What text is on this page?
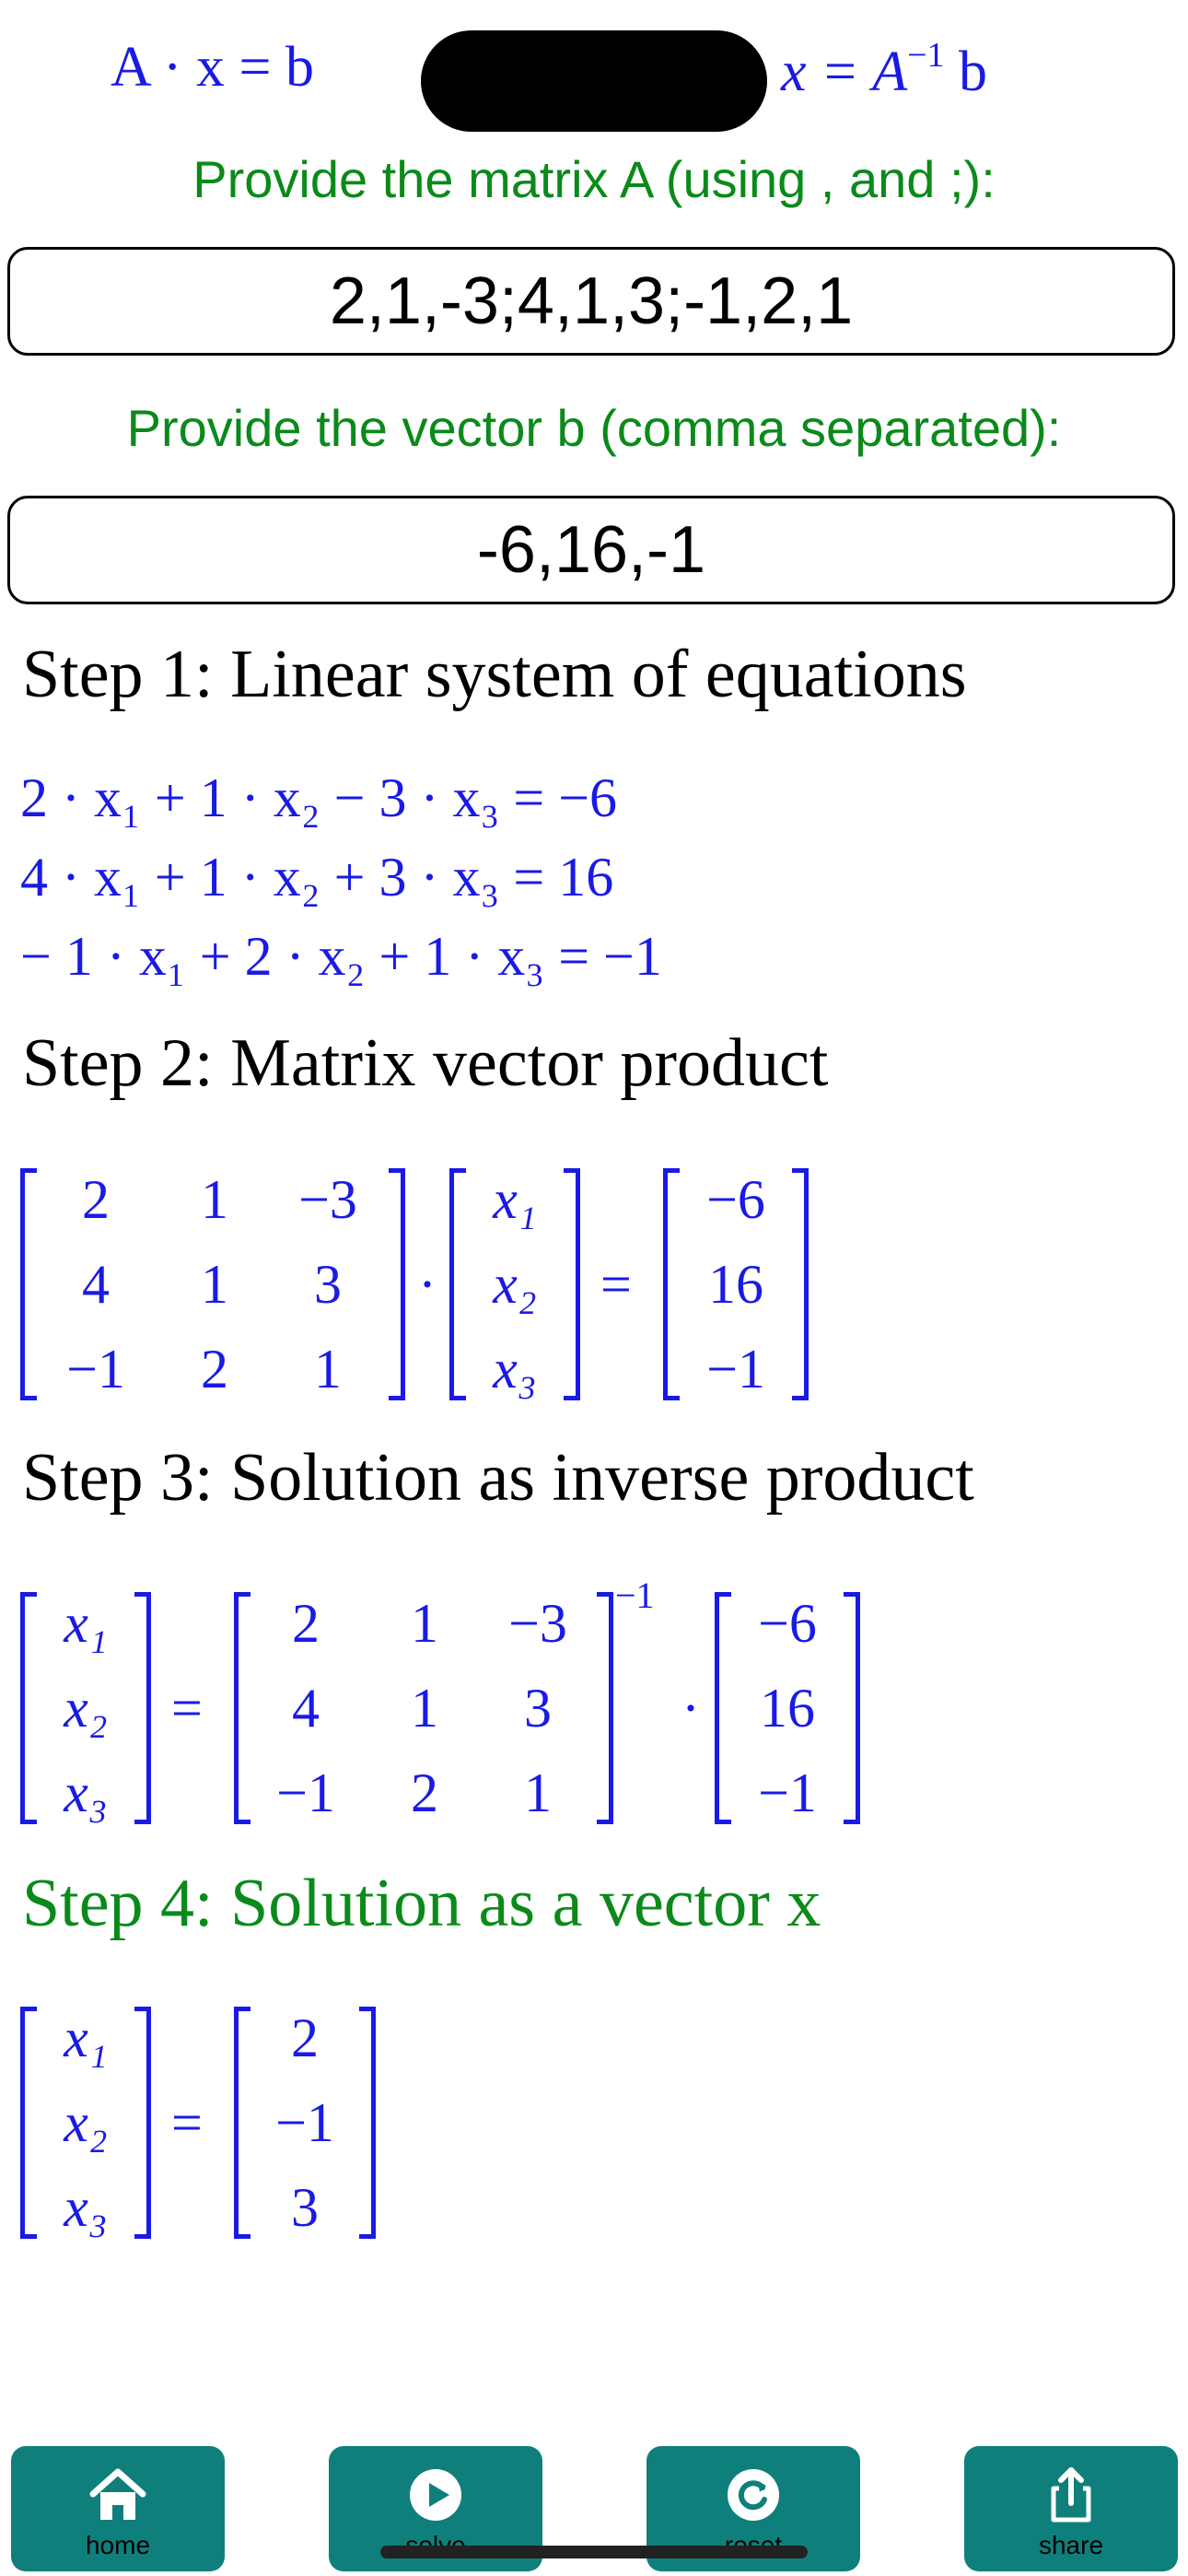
A · x = b	$x = A^{-1}$ b
Provide the matrix A (using , and ;):
2,1,-3;4,1,3;-1,2,1
Provide the vector b (comma separated):
-6,16,-1
Step 1: Linear system of equations
2 · x₁ + 1 · x₂ − 3 · x₃ = −6
4 · x₁ + 1 · x₂ + 3 · x₃ = 16
− 1 · x₁ + 2 · x₂ + 1 · x₃ = −1
Step 2: Matrix vector product
2	1	−3
4	1	3
−1	2	1
·
x₁
x₂
x₃
=
−6
16
−1
Step 3: Solution as inverse product
x₁
x₂
x₃
=
2	1	−3
4	1	3
−1	2	1
−1
·
−6
16
−1
Step 4: Solution as a vector x
x₁
x₂
x₃
=
2
−1
3
home	share
